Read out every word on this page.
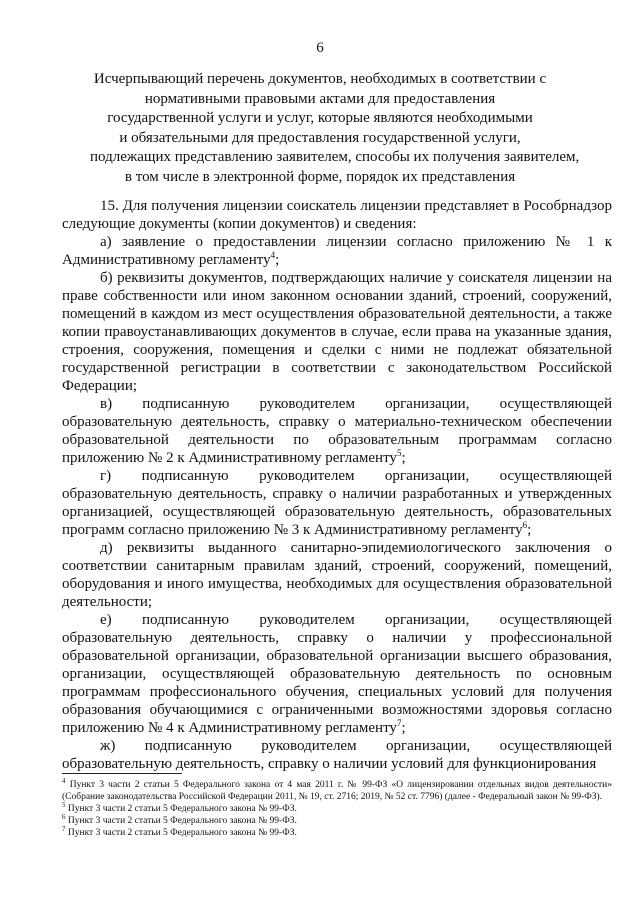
6
Исчерпывающий перечень документов, необходимых в соответствии с
нормативными правовыми актами для предоставления
государственной услуги и услуг, которые являются необходимыми
и обязательными для предоставления государственной услуги,
подлежащих представлению заявителем, способы их получения заявителем,
в том числе в электронной форме, порядок их представления

15. Для получения лицензии соискатель лицензии представляет в Рособрнадзор следующие документы (копии документов) и сведения:

а) заявление о предоставлении лицензии согласно приложению № 1 к Административному регламенту$^4$;

б) реквизиты документов, подтверждающих наличие у соискателя лицензии на праве собственности или ином законном основании зданий, строений, сооружений, помещений в каждом из мест осуществления образовательной деятельности, а также копии правоустанавливающих документов в случае, если права на указанные здания, строения, сооружения, помещения и сделки с ними не подлежат обязательной государственной регистрации в соответствии с законодательством Российской Федерации;

в) подписанную руководителем организации, осуществляющей образовательную деятельность, справку о материально-техническом обеспечении образовательной деятельности по образовательным программам согласно приложению № 2 к Административному регламенту$^5$;

г) подписанную руководителем организации, осуществляющей образовательную деятельность, справку о наличии разработанных и утвержденных организацией, осуществляющей образовательную деятельность, образовательных программ согласно приложению № 3 к Административному регламенту$^6$;

д) реквизиты выданного санитарно-эпидемиологического заключения о соответствии санитарным правилам зданий, строений, сооружений, помещений, оборудования и иного имущества, необходимых для осуществления образовательной деятельности;

е) подписанную руководителем организации, осуществляющей образовательную деятельность, справку о наличии у профессиональной образовательной организации, образовательной организации высшего образования, организации, осуществляющей образовательную деятельность по основным программам профессионального обучения, специальных условий для получения образования обучающимися с ограниченными возможностями здоровья согласно приложению № 4 к Административному регламенту$^7$;

ж) подписанную руководителем организации, осуществляющей образовательную деятельность, справку о наличии условий для функционирования

$^4$ Пункт 3 части 2 статьи 5 Федерального закона от 4 мая 2011 г. № 99-ФЗ «О лицензировании отдельных видов деятельности» (Собрание законодательства Российской Федерации 2011, № 19, ст. 2716; 2019, № 52 ст. 7796) (далее - Федеральный закон № 99-ФЗ).

$^5$ Пункт 3 части 2 статьи 5 Федерального закона № 99-ФЗ.

$^6$ Пункт 3 части 2 статьи 5 Федерального закона № 99-ФЗ.

$^7$ Пункт 3 части 2 статьи 5 Федерального закона № 99-ФЗ.
